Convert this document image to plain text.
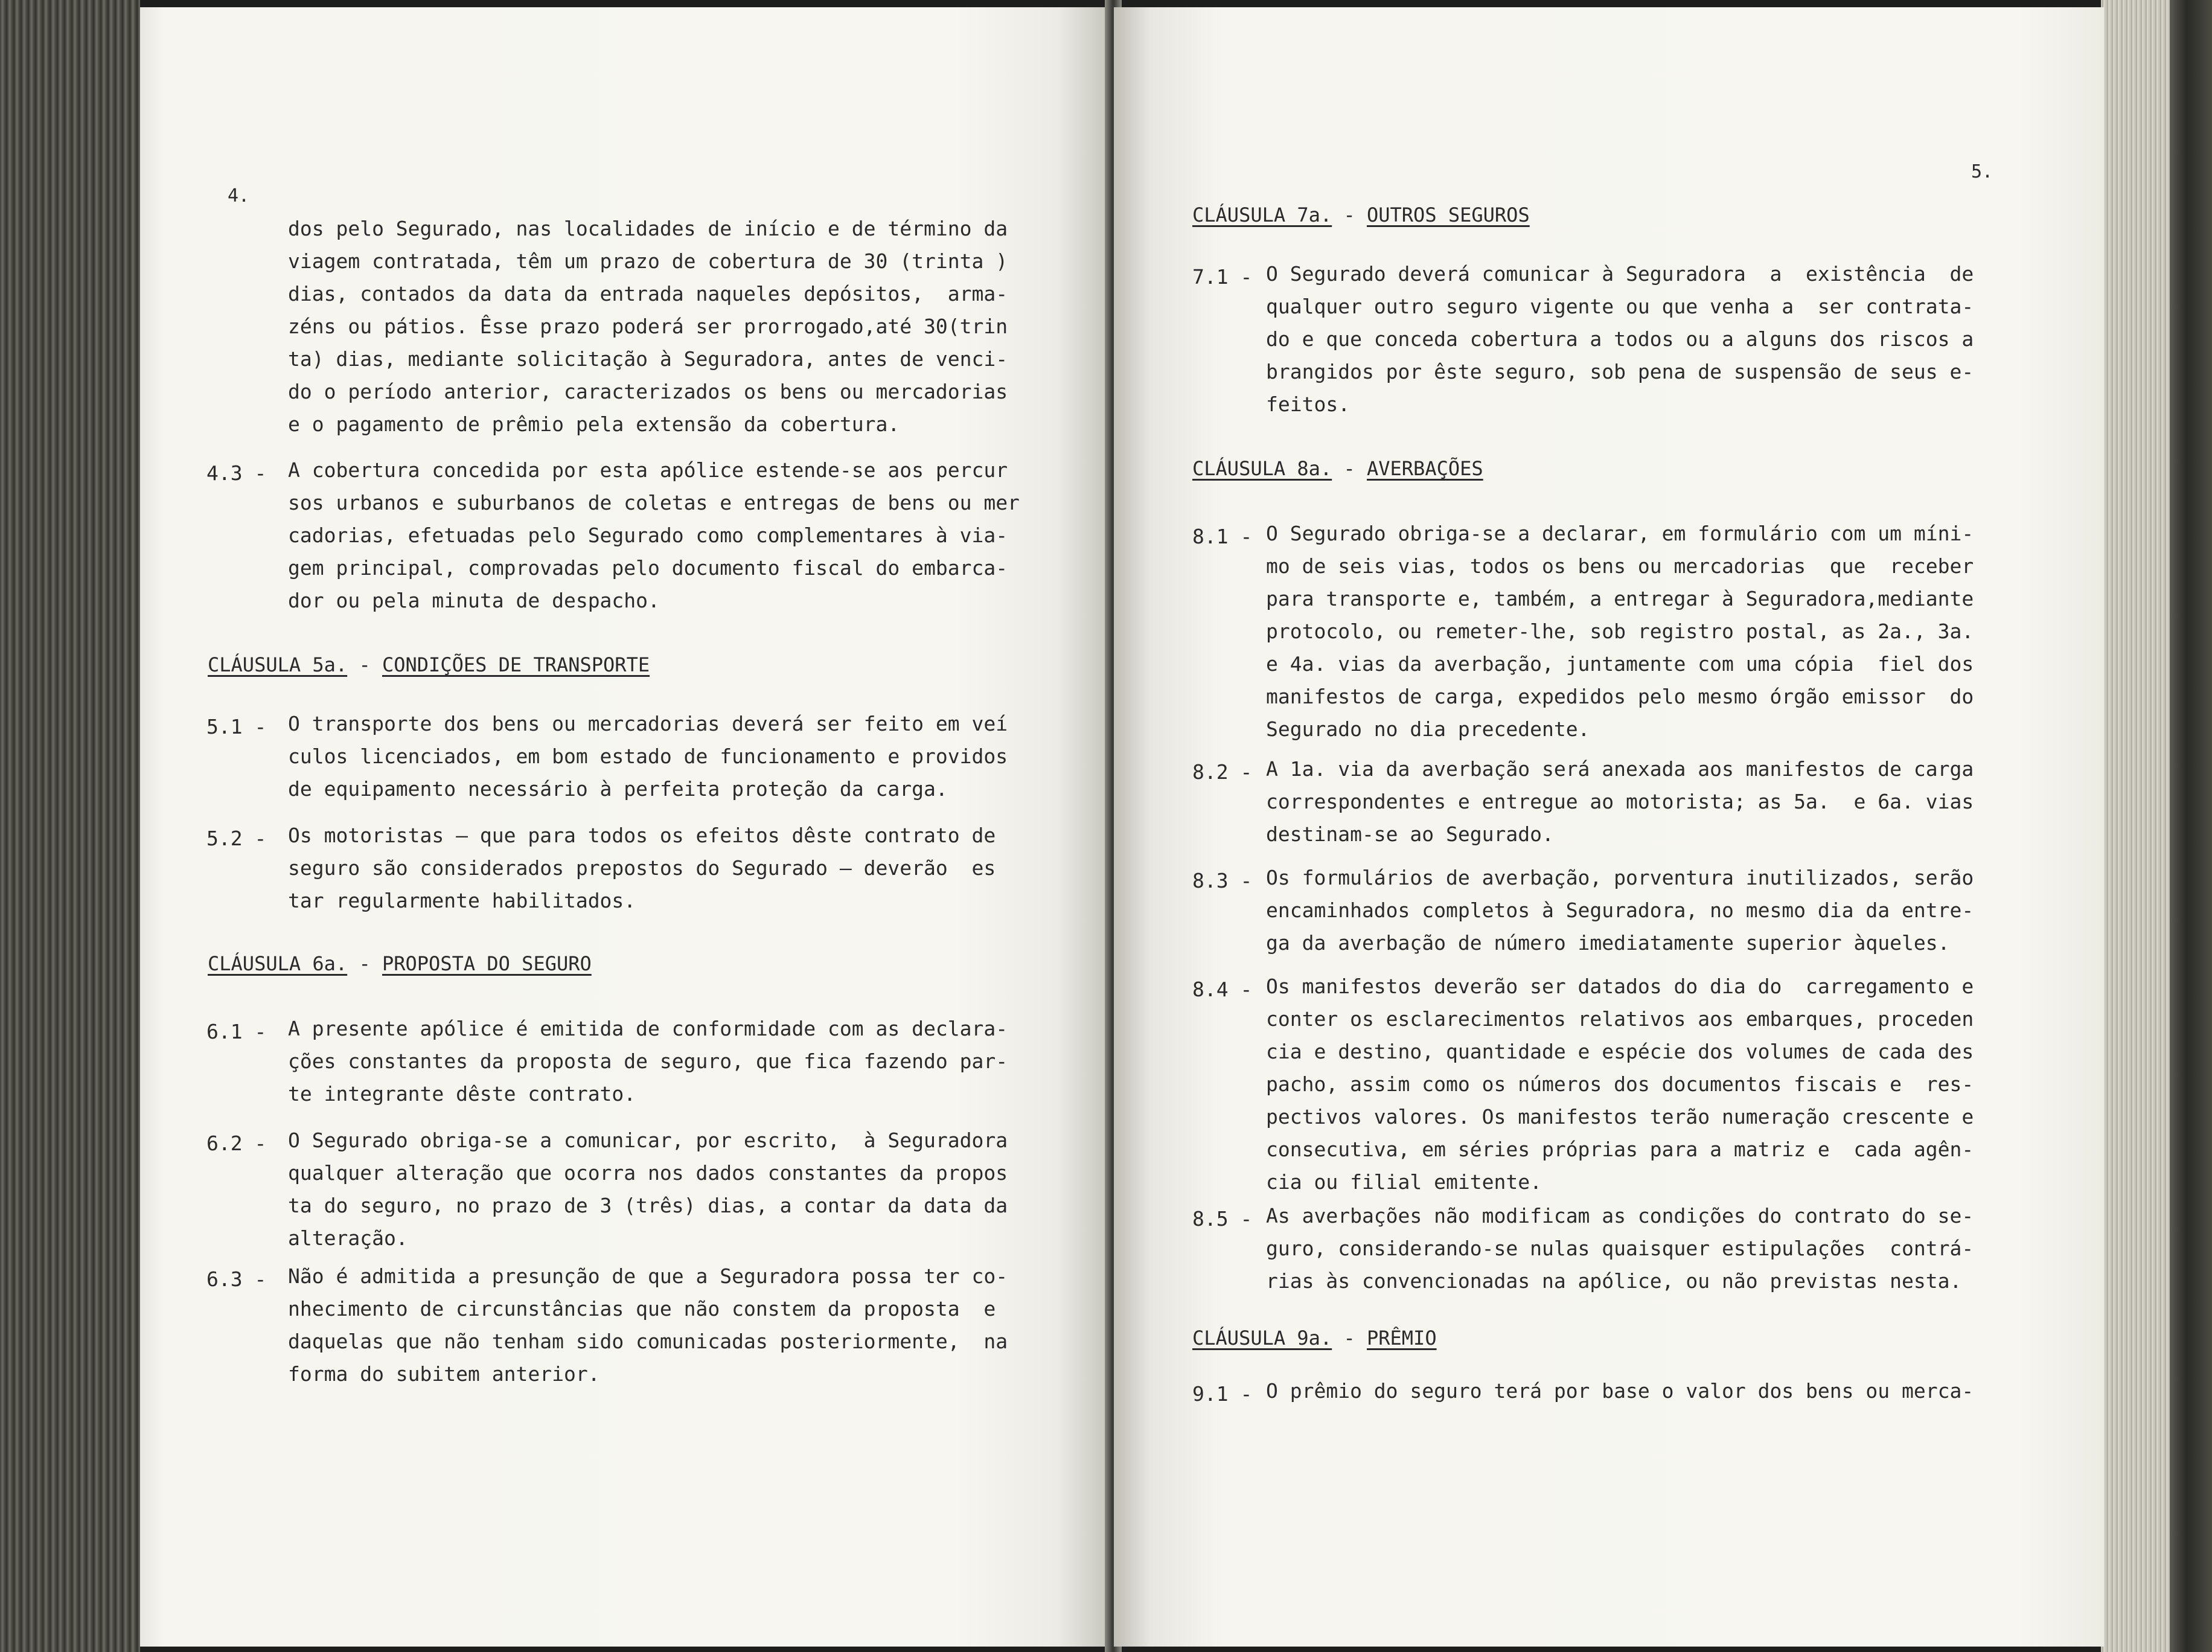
4.
dos pelo Segurado, nas localidades de início e de término da
viagem contratada, têm um prazo de cobertura de 30 (trinta )
dias, contados da data da entrada naqueles depósitos,  arma-
zéns ou pátios. Êsse prazo poderá ser prorrogado,até 30(trin
ta) dias, mediante solicitação à Seguradora, antes de venci-
do o período anterior, caracterizados os bens ou mercadorias
e o pagamento de prêmio pela extensão da cobertura.
4.3 - A cobertura concedida por esta apólice estende-se aos percur
sos urbanos e suburbanos de coletas e entregas de bens ou mer
cadorias, efetuadas pelo Segurado como complementares à via-
gem principal, comprovadas pelo documento fiscal do embarca-
dor ou pela minuta de despacho.
CLÁUSULA 5a. - CONDIÇÕES DE TRANSPORTE
5.1 - O transporte dos bens ou mercadorias deverá ser feito em veí
culos licenciados, em bom estado de funcionamento e providos
de equipamento necessário à perfeita proteção da carga.
5.2 - Os motoristas — que para todos os efeitos dêste contrato de
seguro são considerados prepostos do Segurado — deverão  es
tar regularmente habilitados.
CLÁUSULA 6a. - PROPOSTA DO SEGURO
6.1 - A presente apólice é emitida de conformidade com as declara-
ções constantes da proposta de seguro, que fica fazendo par-
te integrante dêste contrato.
6.2 - O Segurado obriga-se a comunicar, por escrito,  à Seguradora
qualquer alteração que ocorra nos dados constantes da propos
ta do seguro, no prazo de 3 (três) dias, a contar da data da
alteração.
6.3 - Não é admitida a presunção de que a Seguradora possa ter co-
nhecimento de circunstâncias que não constem da proposta  e
daquelas que não tenham sido comunicadas posteriormente,  na
forma do subitem anterior.
5.
CLÁUSULA 7a. - OUTROS SEGUROS
7.1 - O Segurado deverá comunicar à Seguradora  a  existência  de
qualquer outro seguro vigente ou que venha a  ser contrata-
do e que conceda cobertura a todos ou a alguns dos riscos a
brangidos por êste seguro, sob pena de suspensão de seus e-
feitos.
CLÁUSULA 8a. - AVERBAÇÕES
8.1 - O Segurado obriga-se a declarar, em formulário com um míni-
mo de seis vias, todos os bens ou mercadorias  que  receber
para transporte e, também, a entregar à Seguradora,mediante
protocolo, ou remeter-lhe, sob registro postal, as 2a., 3a.
e 4a. vias da averbação, juntamente com uma cópia  fiel dos
manifestos de carga, expedidos pelo mesmo órgão emissor  do
Segurado no dia precedente.
8.2 - A 1a. via da averbação será anexada aos manifestos de carga
correspondentes e entregue ao motorista; as 5a.  e 6a. vias
destinam-se ao Segurado.
8.3 - Os formulários de averbação, porventura inutilizados, serão
encaminhados completos à Seguradora, no mesmo dia da entre-
ga da averbação de número imediatamente superior àqueles.
8.4 - Os manifestos deverão ser datados do dia do  carregamento e
conter os esclarecimentos relativos aos embarques, proceden
cia e destino, quantidade e espécie dos volumes de cada des
pacho, assim como os números dos documentos fiscais e  res-
pectivos valores. Os manifestos terão numeração crescente e
consecutiva, em séries próprias para a matriz e  cada agên-
cia ou filial emitente.
8.5 - As averbações não modificam as condições do contrato do se-
guro, considerando-se nulas quaisquer estipulações  contrá-
rias às convencionadas na apólice, ou não previstas nesta.
CLÁUSULA 9a. - PRÊMIO
9.1 - O prêmio do seguro terá por base o valor dos bens ou merca-
